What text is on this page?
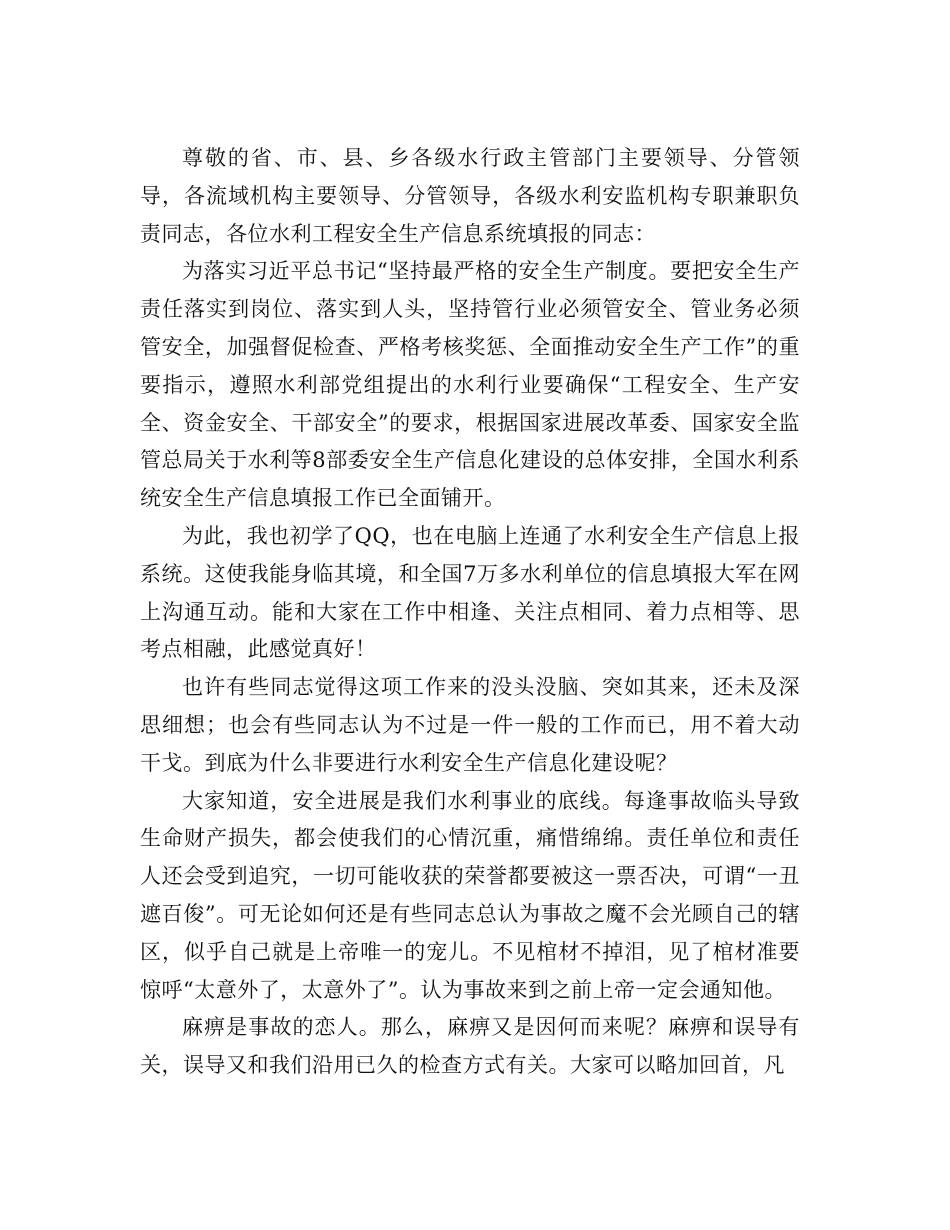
尊敬的省、市、县、乡各级水行政主管部门主要领导、分管领导，各流域机构主要领导、分管领导，各级水利安监机构专职兼职负责同志，各位水利工程安全生产信息系统填报的同志：

为落实习近平总书记“坚持最严格的安全生产制度。要把安全生产责任落实到岗位、落实到人头，坚持管行业必须管安全、管业务必须管安全，加强督促检查、严格考核奖惩、全面推动安全生产工作”的重要指示，遵照水利部党组提出的水利行业要确保“工程安全、生产安全、资金安全、干部安全”的要求，根据国家进展改革委、国家安全监管总局关于水利等8部委安全生产信息化建设的总体安排，全国水利系统安全生产信息填报工作已全面铺开。

为此，我也初学了QQ，也在电脑上连通了水利安全生产信息上报系统。这使我能身临其境，和全国7万多水利单位的信息填报大军在网上沟通互动。能和大家在工作中相逢、关注点相同、着力点相等、思考点相融，此感觉真好！

也许有些同志觉得这项工作来的没头没脑、突如其来，还未及深思细想；也会有些同志认为不过是一件一般的工作而已，用不着大动干戈。到底为什么非要进行水利安全生产信息化建设呢？

大家知道，安全进展是我们水利事业的底线。每逢事故临头导致生命财产损失，都会使我们的心情沉重，痛惜绵绵。责任单位和责任人还会受到追究，一切可能收获的荣誉都要被这一票否决，可谓“一丑遮百俊”。可无论如何还是有些同志总认为事故之魔不会光顾自己的辖区，似乎自己就是上帝唯一的宠儿。不见棺材不掉泪，见了棺材准要惊呼“太意外了，太意外了”。认为事故来到之前上帝一定会通知他。

麻痹是事故的恋人。那么，麻痹又是因何而来呢？麻痹和误导有关，误导又和我们沿用已久的检查方式有关。大家可以略加回首，凡
